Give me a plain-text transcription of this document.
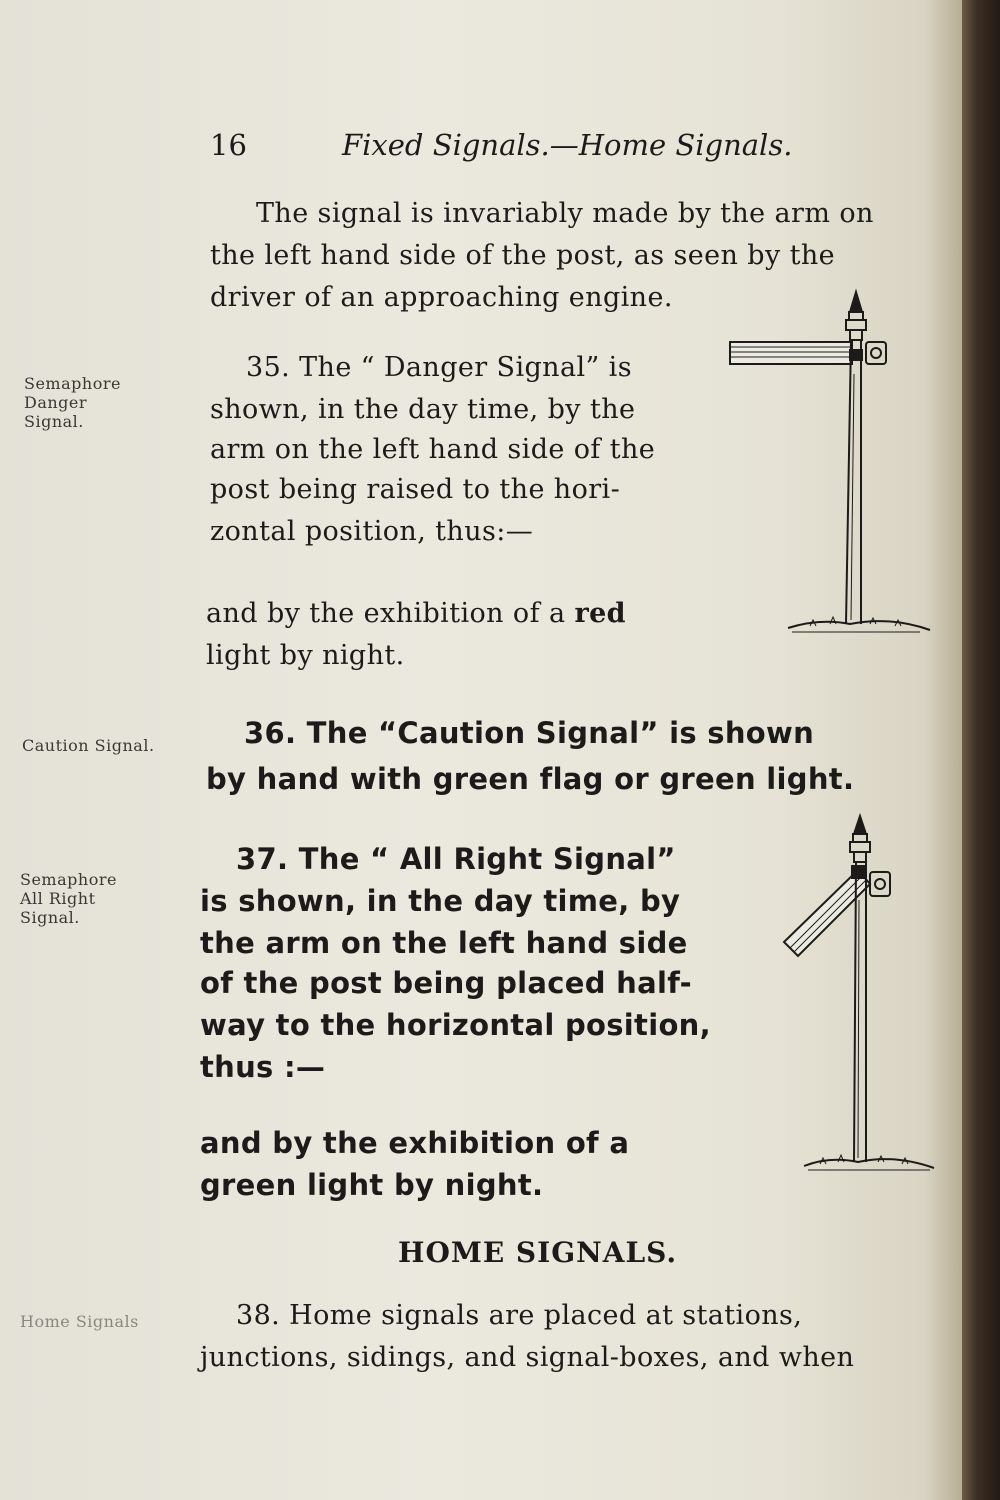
16	Fixed Signals.—Home Signals.
The signal is invariably made by the arm on
the left hand side of the post, as seen by the
driver of an approaching engine.
Semaphore
Danger
Signal.
35. The “ Danger Signal” is
shown, in the day time, by the
arm on the left hand side of the
post being raised to the hori-
zontal position, thus:—
and by the exhibition of a red
light by night.
Caution Signal.	36. The “Caution Signal” is shown
by hand with green flag or green light.
Semaphore
All Right
Signal.
37. The “ All Right Signal”
is shown, in the day time, by
the arm on the left hand side
of the post being placed half-
way to the horizontal position,
thus :—
and by the exhibition of a
green light by night.
HOME SIGNALS.
Home Signals	38. Home signals are placed at stations,
junctions, sidings, and signal-boxes, and when
